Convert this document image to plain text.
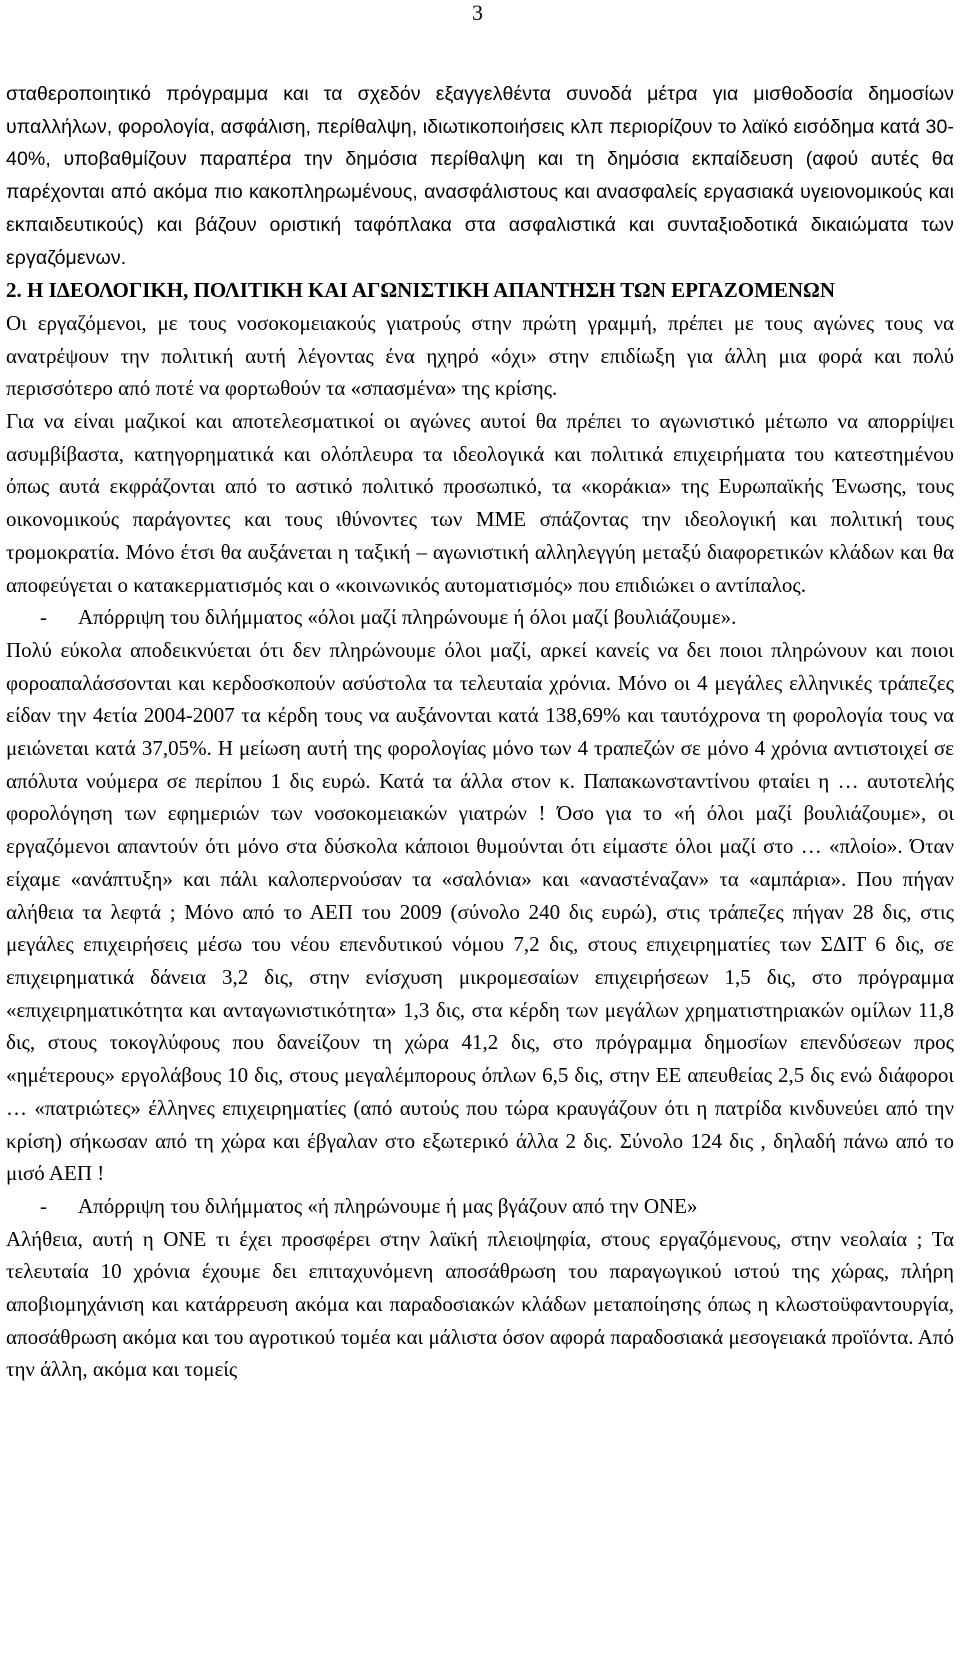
3

σταθεροποιητικό πρόγραμμα και τα σχεδόν εξαγγελθέντα συνοδά μέτρα για μισθοδοσία δημοσίων υπαλλήλων, φορολογία, ασφάλιση, περίθαλψη, ιδιωτικοποιήσεις κλπ περιορίζουν το λαϊκό εισόδημα κατά 30-40%, υποβαθμίζουν παραπέρα την δημόσια περίθαλψη και τη δημόσια εκπαίδευση (αφού αυτές θα παρέχονται από ακόμα πιο κακοπληρωμένους, ανασφάλιστους και ανασφαλείς εργασιακά υγειονομικούς και εκπαιδευτικούς) και βάζουν οριστική ταφόπλακα στα ασφαλιστικά και συνταξιοδοτικά δικαιώματα των εργαζόμενων.

2. Η ΙΔΕΟΛΟΓΙΚΗ, ΠΟΛΙΤΙΚΗ ΚΑΙ ΑΓΩΝΙΣΤΙΚΗ ΑΠΑΝΤΗΣΗ ΤΩΝ ΕΡΓΑΖΟΜΕΝΩΝ

Οι εργαζόμενοι, με τους νοσοκομειακούς γιατρούς στην πρώτη γραμμή, πρέπει με τους αγώνες τους να ανατρέψουν την πολιτική αυτή λέγοντας ένα ηχηρό «όχι» στην επιδίωξη για άλλη μια φορά και πολύ περισσότερο από ποτέ να φορτωθούν τα «σπασμένα» της κρίσης.

Για να είναι μαζικοί και αποτελεσματικοί οι αγώνες αυτοί θα πρέπει το αγωνιστικό μέτωπο να απορρίψει ασυμβίβαστα, κατηγορηματικά και ολόπλευρα τα ιδεολογικά και πολιτικά επιχειρήματα του κατεστημένου όπως αυτά εκφράζονται από το αστικό πολιτικό προσωπικό, τα «κοράκια» της Ευρωπαϊκής Ένωσης, τους οικονομικούς παράγοντες και τους ιθύνοντες των ΜΜΕ σπάζοντας την ιδεολογική και πολιτική τους τρομοκρατία. Μόνο έτσι θα αυξάνεται η ταξική – αγωνιστική αλληλεγγύη μεταξύ διαφορετικών κλάδων και θα αποφεύγεται ο κατακερματισμός και ο «κοινωνικός αυτοματισμός» που επιδιώκει ο αντίπαλος.

- Απόρριψη του διλήμματος «όλοι μαζί πληρώνουμε ή όλοι μαζί βουλιάζουμε».

Πολύ εύκολα αποδεικνύεται ότι δεν πληρώνουμε όλοι μαζί, αρκεί κανείς να δει ποιοι πληρώνουν και ποιοι φοροαπαλάσσονται και κερδοσκοπούν ασύστολα τα τελευταία χρόνια. Μόνο οι 4 μεγάλες ελληνικές τράπεζες είδαν την 4ετία 2004-2007 τα κέρδη τους να αυξάνονται κατά 138,69% και ταυτόχρονα τη φορολογία τους να μειώνεται κατά 37,05%. Η μείωση αυτή της φορολογίας μόνο των 4 τραπεζών σε μόνο 4 χρόνια αντιστοιχεί σε απόλυτα νούμερα σε περίπου 1 δις ευρώ. Κατά τα άλλα στον κ. Παπακωνσταντίνου φταίει η … αυτοτελής φορολόγηση των εφημεριών των νοσοκομειακών γιατρών ! Όσο για το «ή όλοι μαζί βουλιάζουμε», οι εργαζόμενοι απαντούν ότι μόνο στα δύσκολα κάποιοι θυμούνται ότι είμαστε όλοι μαζί στο … «πλοίο». Όταν είχαμε «ανάπτυξη» και πάλι καλοπερνούσαν τα «σαλόνια» και «αναστέναζαν» τα «αμπάρια». Που πήγαν αλήθεια τα λεφτά ; Μόνο από το ΑΕΠ του 2009 (σύνολο 240 δις ευρώ), στις τράπεζες πήγαν 28 δις, στις μεγάλες επιχειρήσεις μέσω του νέου επενδυτικού νόμου 7,2 δις, στους επιχειρηματίες των ΣΔΙΤ 6 δις, σε επιχειρηματικά δάνεια 3,2 δις, στην ενίσχυση μικρομεσαίων επιχειρήσεων 1,5 δις, στο πρόγραμμα «επιχειρηματικότητα και ανταγωνιστικότητα» 1,3 δις, στα κέρδη των μεγάλων χρηματιστηριακών ομίλων 11,8 δις, στους τοκογλύφους που δανείζουν τη χώρα 41,2 δις, στο πρόγραμμα δημοσίων επενδύσεων προς «ημέτερους» εργολάβους 10 δις, στους μεγαλέμπορους όπλων 6,5 δις, στην ΕΕ απευθείας 2,5 δις ενώ διάφοροι … «πατριώτες» έλληνες επιχειρηματίες (από αυτούς που τώρα κραυγάζουν ότι η πατρίδα κινδυνεύει από την κρίση) σήκωσαν από τη χώρα και έβγαλαν στο εξωτερικό άλλα 2 δις. Σύνολο 124 δις , δηλαδή πάνω από το μισό ΑΕΠ !

- Απόρριψη του διλήμματος «ή πληρώνουμε ή μας βγάζουν από την ΟΝΕ»

Αλήθεια, αυτή η ΟΝΕ τι έχει προσφέρει στην λαϊκή πλειοψηφία, στους εργαζόμενους, στην νεολαία ; Τα τελευταία 10 χρόνια έχουμε δει επιταχυνόμενη αποσάθρωση του παραγωγικού ιστού της χώρας, πλήρη αποβιομηχάνιση και κατάρρευση ακόμα και παραδοσιακών κλάδων μεταποίησης όπως η κλωστοϋφαντουργία, αποσάθρωση ακόμα και του αγροτικού τομέα και μάλιστα όσον αφορά παραδοσιακά μεσογειακά προϊόντα. Από την άλλη, ακόμα και τομείς
